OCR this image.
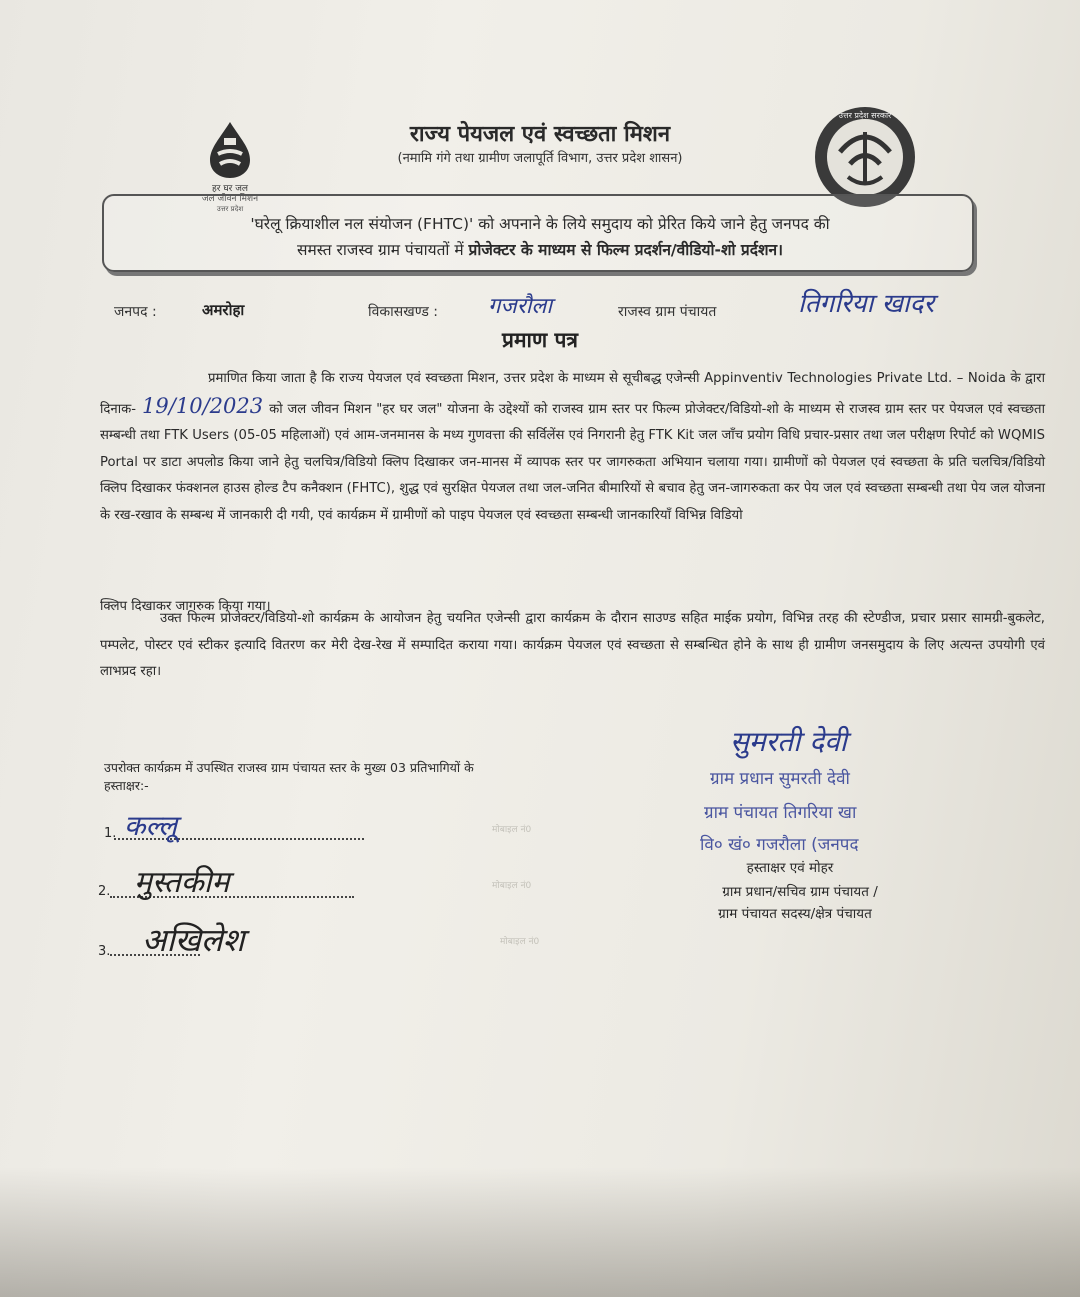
हर घर जल
जल जीवन मिशन
उत्तर प्रदेश
राज्य पेयजल एवं स्वच्छता मिशन
(नमामि गंगे तथा ग्रामीण जलापूर्ति विभाग, उत्तर प्रदेश शासन)
उत्तर प्रदेश सरकार
'घरेलू क्रियाशील नल संयोजन (FHTC)' को अपनाने के लिये समुदाय को प्रेरित किये जाने हेतु जनपद की
समस्त राजस्व ग्राम पंचायतों में प्रोजेक्टर के माध्यम से फिल्म प्रदर्शन/वीडियो-शो प्रर्दशन।
जनपद :	अमरोहा	विकासखण्ड : गजरौला	राजस्व ग्राम पंचायत	तिगरिया खादर
प्रमाण पत्र
प्रमाणित किया जाता है कि राज्य पेयजल एवं स्वच्छता मिशन, उत्तर प्रदेश के माध्यम से सूचीबद्ध एजेन्सी Appinventiv Technologies Private Ltd. – Noida के द्वारा दिनाक- 19/10/2023 को जल जीवन मिशन "हर घर जल" योजना के उद्देश्यों को राजस्व ग्राम स्तर पर फिल्म प्रोजेक्टर/विडियो-शो के माध्यम से राजस्व ग्राम स्तर पर पेयजल एवं स्वच्छता सम्बन्धी तथा FTK Users (05-05 महिलाओं) एवं आम-जनमानस के मध्य गुणवत्ता की सर्विलेंस एवं निगरानी हेतु FTK Kit जल जाँच प्रयोग विधि प्रचार-प्रसार तथा जल परीक्षण रिपोर्ट को WQMIS Portal पर डाटा अपलोड किया जाने हेतु चलचित्र/विडियो क्लिप दिखाकर जन-मानस में व्यापक स्तर पर जागरुकता अभियान चलाया गया। ग्रामीणों को पेयजल एवं स्वच्छता के प्रति चलचित्र/विडियो क्लिप दिखाकर फंक्शनल हाउस होल्ड टैप कनैक्शन (FHTC), शुद्ध एवं सुरक्षित पेयजल तथा जल-जनित बीमारियों से बचाव हेतु जन-जागरुकता कर पेय जल एवं स्वच्छता सम्बन्धी तथा पेय जल योजना के रख-रखाव के सम्बन्ध में जानकारी दी गयी, एवं कार्यक्रम में ग्रामीणों को पाइप पेयजल एवं स्वच्छता सम्बन्धी जानकारियाँ विभिन्न विडियो
क्लिप दिखाकर जागरुक किया गया।
उक्त फिल्म प्रोजेक्टर/विडियो-शो कार्यक्रम के आयोजन हेतु चयनित एजेन्सी द्वारा कार्यक्रम के दौरान साउण्ड सहित माईक प्रयोग, विभिन्न तरह की स्टेण्डीज, प्रचार प्रसार सामग्री-बुकलेट, पम्पलेट, पोस्टर एवं स्टीकर इत्यादि वितरण कर मेरी देख-रेख में सम्पादित कराया गया। कार्यक्रम पेयजल एवं स्वच्छता से सम्बन्धित होने के साथ ही ग्रामीण जनसमुदाय के लिए अत्यन्त उपयोगी एवं लाभप्रद रहा।
उपरोक्त कार्यक्रम में उपस्थित राजस्व ग्राम पंचायत स्तर के मुख्य 03 प्रतिभागियों के
हस्ताक्षर:-
1. कल्लू	मोबाइल नं0
2. मुस्तकीम	मोबाइल नं0
3. अखिलेश	मोबाइल नं0
सुमरती देवी
ग्राम प्रधान सुमरती देवी
ग्राम पंचायत तिगरिया खा
वि० खं० गजरौला (जनपद
हस्ताक्षर एवं मोहर
ग्राम प्रधान/सचिव ग्राम पंचायत /
ग्राम पंचायत सदस्य/क्षेत्र पंचायत
